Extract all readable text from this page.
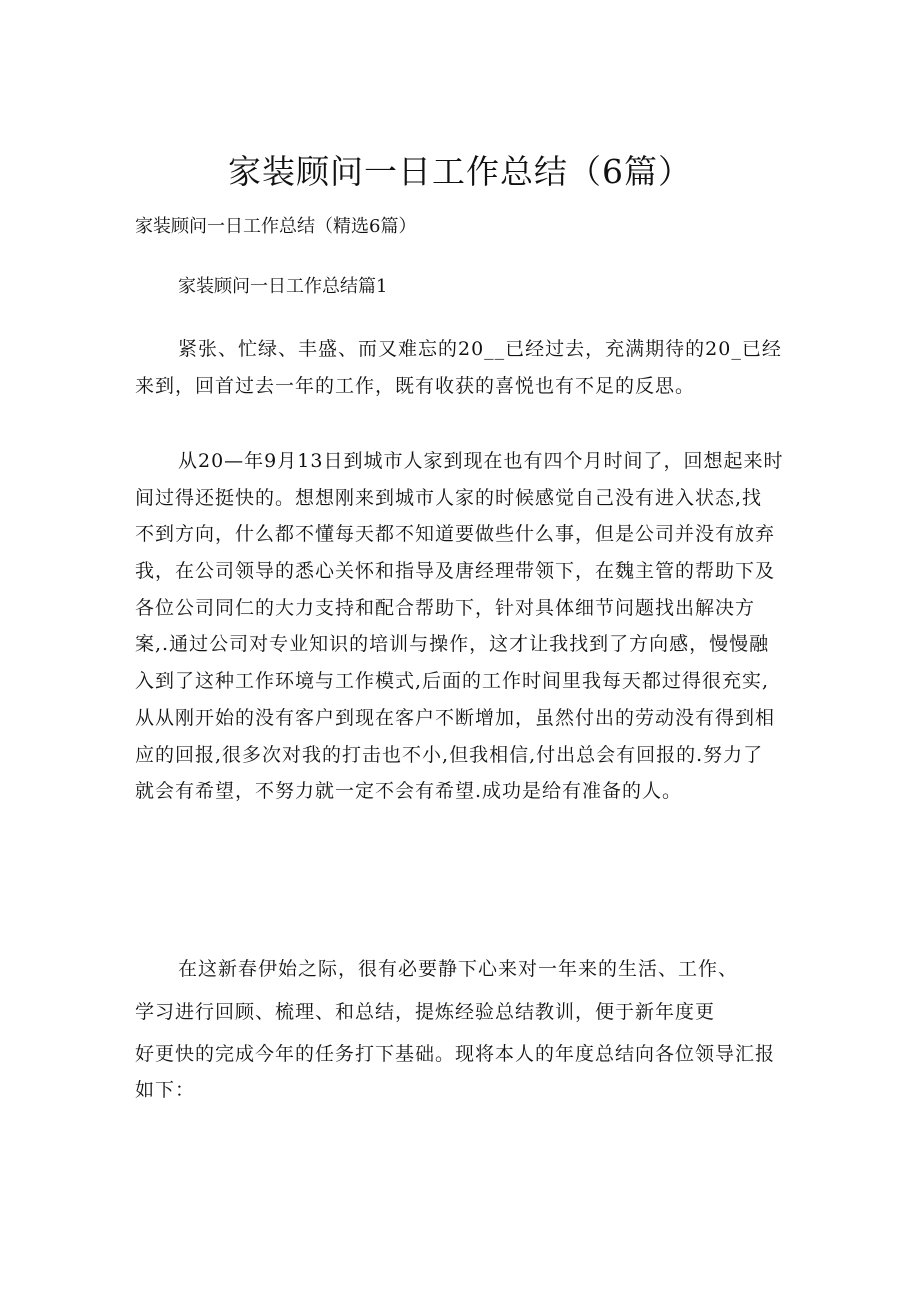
家装顾问一日工作总结（6篇）
家装顾问一日工作总结（精选6篇）
家装顾问一日工作总结篇1
紧张、忙绿、丰盛、而又难忘的20__已经过去，充满期待的20_已经
来到，回首过去一年的工作，既有收获的喜悦也有不足的反思。
从20—年9月13日到城市人家到现在也有四个月时间了，回想起来时
间过得还挺快的。想想刚来到城市人家的时候感觉自己没有进入状态,找
不到方向，什么都不懂每天都不知道要做些什么事，但是公司并没有放弃
我，在公司领导的悉心关怀和指导及唐经理带领下，在魏主管的帮助下及
各位公司同仁的大力支持和配合帮助下，针对具体细节问题找出解决方
案,.通过公司对专业知识的培训与操作，这才让我找到了方向感，慢慢融
入到了这种工作环境与工作模式,后面的工作时间里我每天都过得很充实,
从从刚开始的没有客户到现在客户不断增加，虽然付出的劳动没有得到相
应的回报,很多次对我的打击也不小,但我相信,付出总会有回报的.努力了
就会有希望，不努力就一定不会有希望.成功是给有准备的人。
在这新春伊始之际，很有必要静下心来对一年来的生活、工作、
学习进行回顾、梳理、和总结，提炼经验总结教训，便于新年度更
好更快的完成今年的任务打下基础。现将本人的年度总结向各位领导汇报
如下：
